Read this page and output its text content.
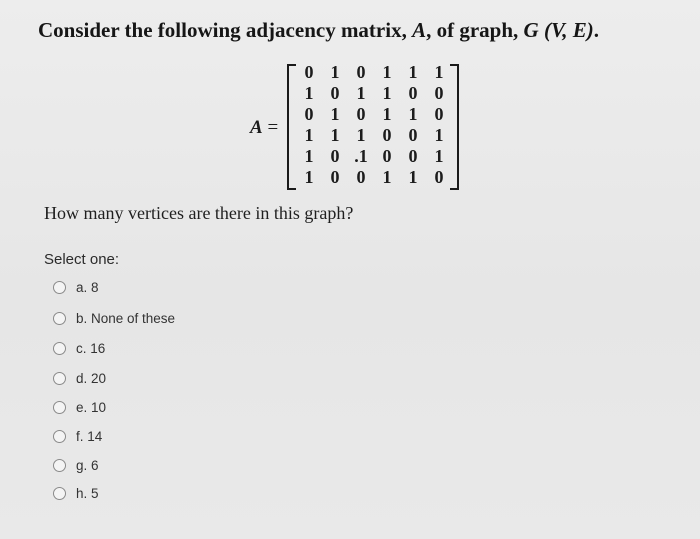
Consider the following adjacency matrix, A, of graph, G (V, E).
A =
0 1 0 1 1 1
1 0 1 1 0 0
0 1 0 1 1 0
1 1 1 0 0 1
1 0 .1 0 0 1
1 0 0 1 1 0

How many vertices are there in this graph?

Select one:
a. 8
b. None of these
c. 16
d. 20
e. 10
f. 14
g. 6
h. 5
